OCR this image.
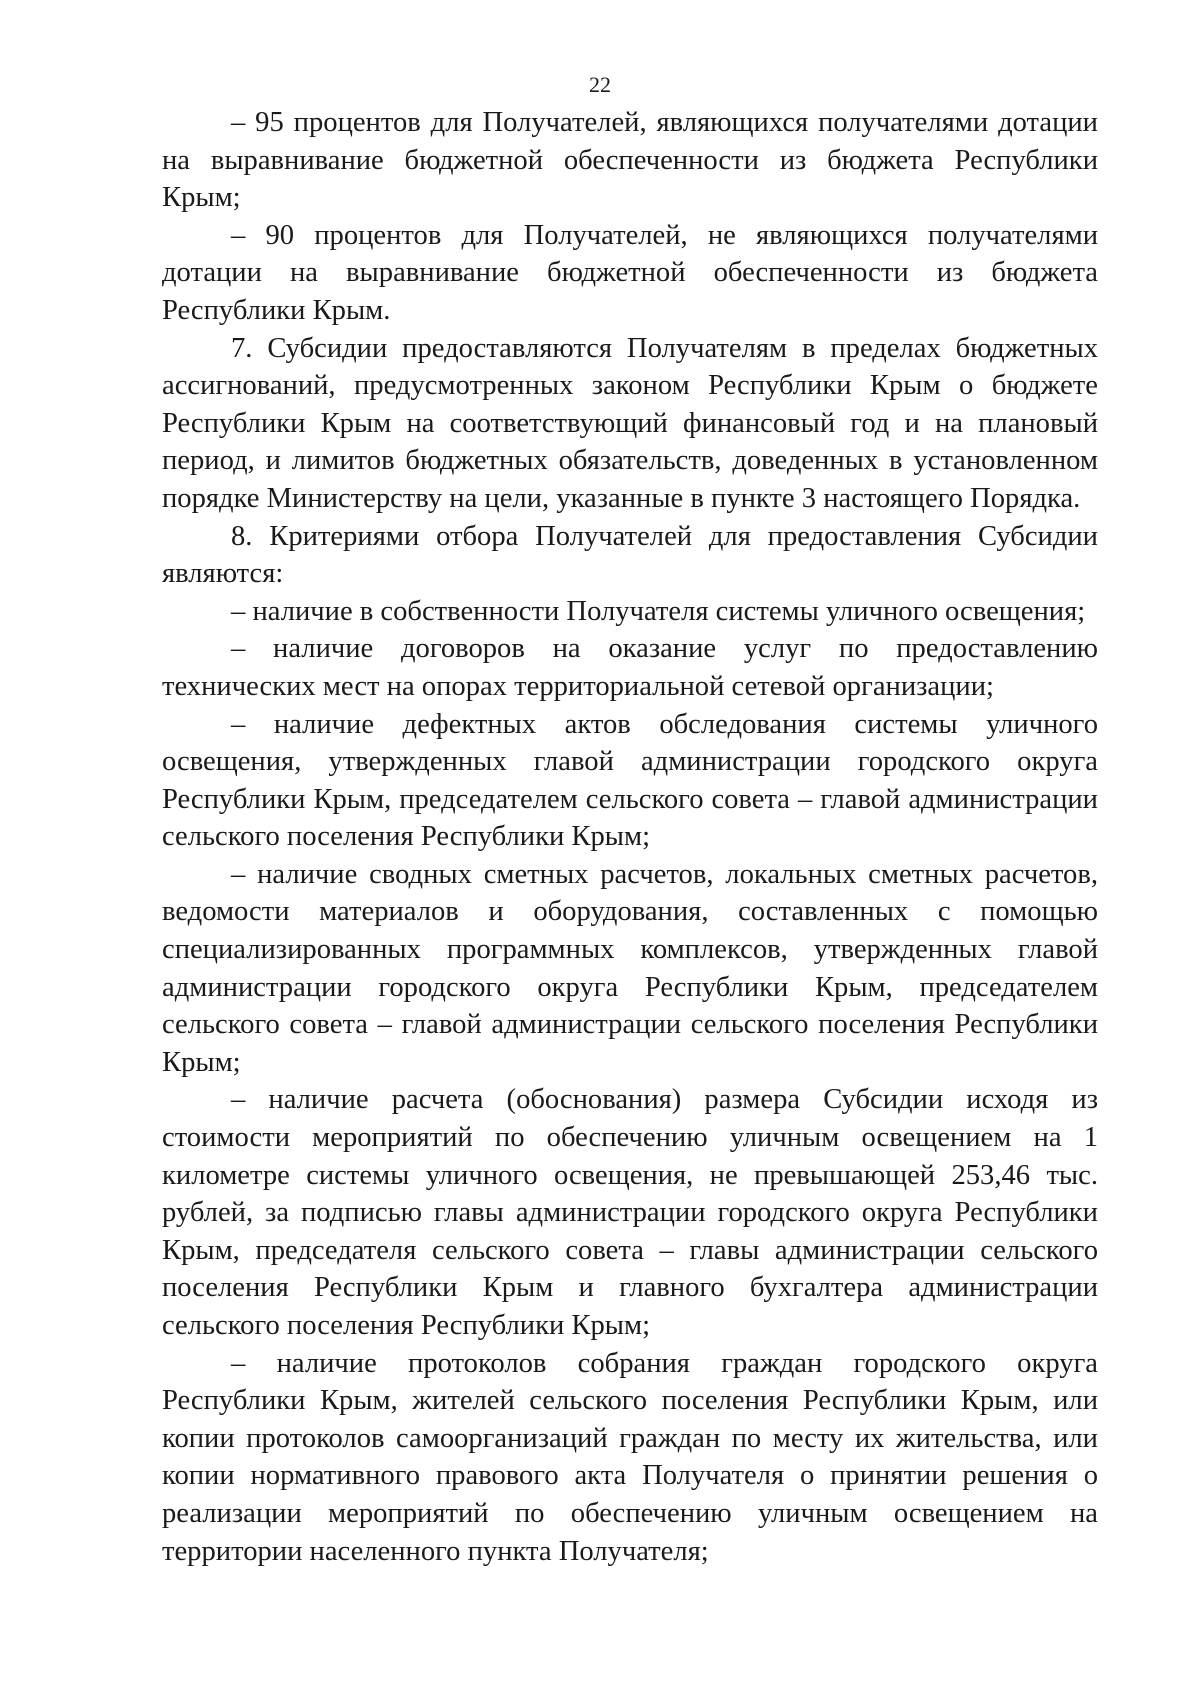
22

– 95 процентов для Получателей, являющихся получателями дотации на выравнивание бюджетной обеспеченности из бюджета Республики Крым;

– 90 процентов для Получателей, не являющихся получателями дотации на выравнивание бюджетной обеспеченности из бюджета Республики Крым.

7. Субсидии предоставляются Получателям в пределах бюджетных ассигнований, предусмотренных законом Республики Крым о бюджете Республики Крым на соответствующий финансовый год и на плановый период, и лимитов бюджетных обязательств, доведенных в установленном порядке Министерству на цели, указанные в пункте 3 настоящего Порядка.

8. Критериями отбора Получателей для предоставления Субсидии являются:

– наличие в собственности Получателя системы уличного освещения;

– наличие договоров на оказание услуг по предоставлению технических мест на опорах территориальной сетевой организации;

– наличие дефектных актов обследования системы уличного освещения, утвержденных главой администрации городского округа Республики Крым, председателем сельского совета – главой администрации сельского поселения Республики Крым;

– наличие сводных сметных расчетов, локальных сметных расчетов, ведомости материалов и оборудования, составленных с помощью специализированных программных комплексов, утвержденных главой администрации городского округа Республики Крым, председателем сельского совета – главой администрации сельского поселения Республики Крым;

– наличие расчета (обоснования) размера Субсидии исходя из стоимости мероприятий по обеспечению уличным освещением на 1 километре системы уличного освещения, не превышающей 253,46 тыс. рублей, за подписью главы администрации городского округа Республики Крым, председателя сельского совета – главы администрации сельского поселения Республики Крым и главного бухгалтера администрации сельского поселения Республики Крым;

– наличие протоколов собрания граждан городского округа Республики Крым, жителей сельского поселения Республики Крым, или копии протоколов самоорганизаций граждан по месту их жительства, или копии нормативного правового акта Получателя о принятии решения о реализации мероприятий по обеспечению уличным освещением на территории населенного пункта Получателя;
